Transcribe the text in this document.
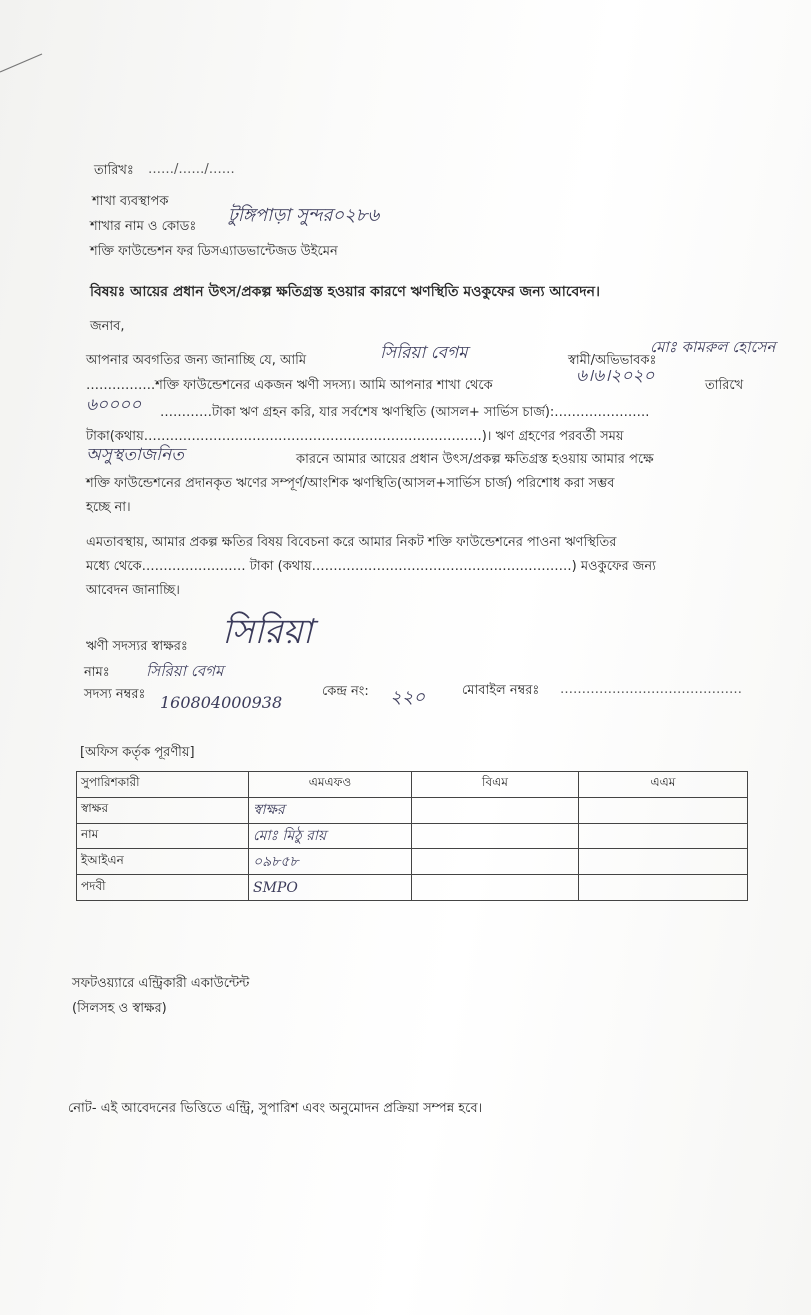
তারিখঃ ……/……/……
শাখা ব্যবস্থাপক
শাখার নাম ও কোডঃ
টুঙ্গিপাড়া সুন্দর০২৮৬
শক্তি ফাউন্ডেশন ফর ডিসএ্যাডভান্টেজড উইমেন
বিষয়ঃ আয়ের প্রধান উৎস/প্রকল্প ক্ষতিগ্রস্ত হওয়ার কারণে ঋণস্থিতি মওকুফের জন্য আবেদন।
জনাব,
আপনার অবগতির জন্য জানাচ্ছি যে, আমি	সিরিয়া বেগম	স্বামী/অভিভাবকঃ
মোঃ কামরুল হোসেন
…………….শক্তি ফাউন্ডেশনের একজন ঋণী সদস্য। আমি আপনার শাখা থেকে	৬।৬।২০২০	তারিখে
৬০০০০ …………টাকা ঋণ গ্রহন করি, যার সর্বশেষ ঋণস্থিতি (আসল+ সার্ভিস চার্জ):………………….
টাকা(কথায়……………………………………………………………………)। ঋণ গ্রহণের পরবর্তী সময়
অসুস্থতাজনিত	কারনে আমার আয়ের প্রধান উৎস/প্রকল্প ক্ষতিগ্রস্ত হওয়ায় আমার পক্ষে
শক্তি ফাউন্ডেশনের প্রদানকৃত ঋণের সম্পূর্ণ/আংশিক ঋণস্থিতি(আসল+সার্ভিস চার্জ) পরিশোধ করা সম্ভব
হচ্ছে না।
এমতাবস্থায়, আমার প্রকল্প ক্ষতির বিষয় বিবেচনা করে আমার নিকট শক্তি ফাউন্ডেশনের পাওনা ঋণস্থিতির
মধ্যে থেকে…………………… টাকা (কথায়……………………………………………………) মওকুফের জন্য
আবেদন জানাচ্ছি।
ঋণী সদস্যর স্বাক্ষরঃ সিরিয়া
নামঃ সিরিয়া বেগম
সদস্য নম্বরঃ 160804000938
কেন্দ্র নং: ২২০	মোবাইল নম্বরঃ ……………………………………
[অফিস কর্তৃক পূরণীয়]
সুপারিশকারী	এমএফও	বিএম	এএম
স্বাক্ষর	স্বাক্ষর		
নাম	মোঃ মিঠু রায়		
ইআইএন	০৯৮৫৮		
পদবী	SMPO		
সফটওয়্যারে এন্ট্রিকারী একাউন্টেন্ট
(সিলসহ ও স্বাক্ষর)
নোট- এই আবেদনের ভিত্তিতে এন্ট্রি, সুপারিশ এবং অনুমোদন প্রক্রিয়া সম্পন্ন হবে।
